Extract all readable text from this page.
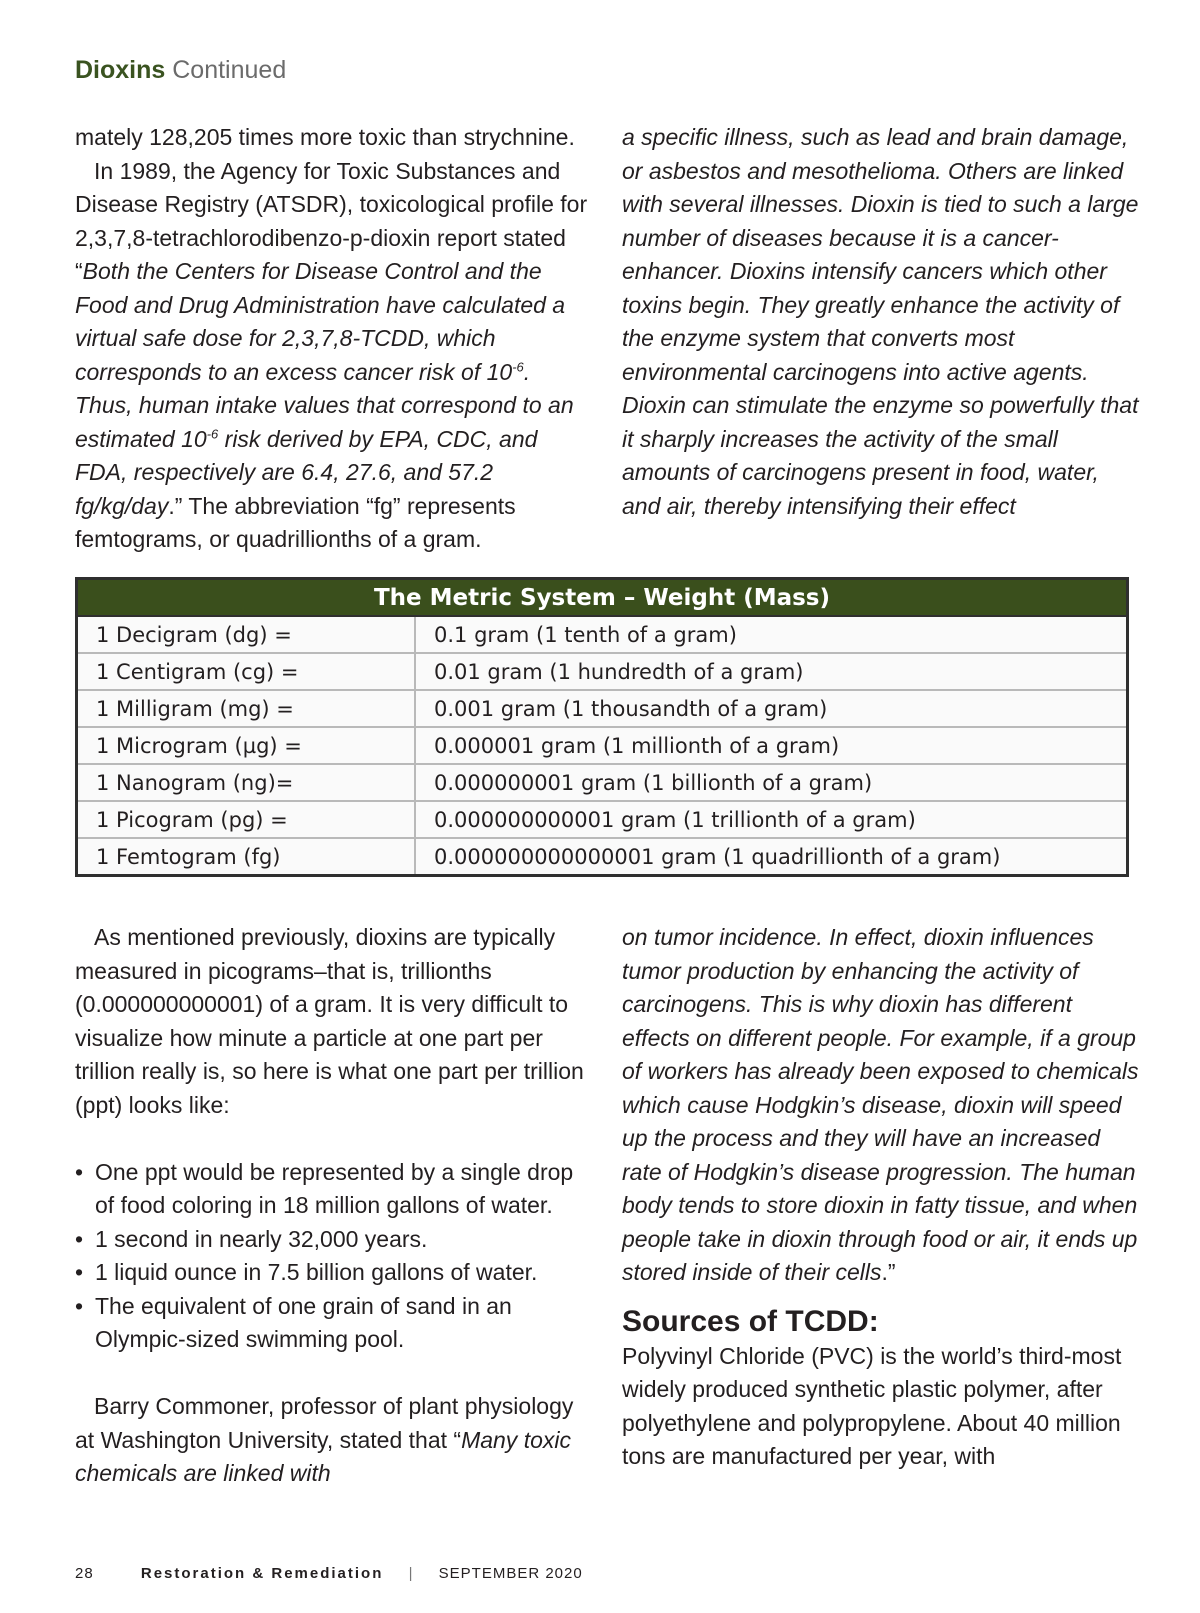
Dioxins Continued

mately 128,205 times more toxic than strychnine.

In 1989, the Agency for Toxic Substances and Disease Registry (ATSDR), toxicological profile for 2,3,7,8-tetrachlorodibenzo-p-dioxin report stated “Both the Centers for Disease Control and the Food and Drug Administration have calculated a virtual safe dose for 2,3,7,8-TCDD, which corresponds to an excess cancer risk of $10^{-6}$. Thus, human intake values that correspond to an estimated $10^{-6}$ risk derived by EPA, CDC, and FDA, respectively are 6.4, 27.6, and 57.2 fg/kg/day.” The abbreviation “fg” represents femtograms, or quadrillionths of a gram.

a specific illness, such as lead and brain damage, or asbestos and mesothelioma. Others are linked with several illnesses. Dioxin is tied to such a large number of diseases because it is a cancer-enhancer. Dioxins intensify cancers which other toxins begin. They greatly enhance the activity of the enzyme system that converts most environmental carcinogens into active agents. Dioxin can stimulate the enzyme so powerfully that it sharply increases the activity of the small amounts of carcinogens present in food, water, and air, thereby intensifying their effect

The Metric System – Weight (Mass)	
1 Decigram (dg) =	0.1 gram (1 tenth of a gram)
1 Centigram (cg) =	0.01 gram (1 hundredth of a gram)
1 Milligram (mg) =	0.001 gram (1 thousandth of a gram)
1 Microgram (µg) =	0.000001 gram (1 millionth of a gram)
1 Nanogram (ng)=	0.000000001 gram (1 billionth of a gram)
1 Picogram (pg) =	0.000000000001 gram (1 trillionth of a gram)
1 Femtogram (fg)	0.000000000000001 gram (1 quadrillionth of a gram)

As mentioned previously, dioxins are typically measured in picograms–that is, trillionths (0.000000000001) of a gram. It is very difficult to visualize how minute a particle at one part per trillion really is, so here is what one part per trillion (ppt) looks like:

• One ppt would be represented by a single drop of food coloring in 18 million gallons of water.
• 1 second in nearly 32,000 years.
• 1 liquid ounce in 7.5 billion gallons of water.
• The equivalent of one grain of sand in an Olympic-sized swimming pool.

Barry Commoner, professor of plant physiology at Washington University, stated that “Many toxic chemicals are linked with

on tumor incidence. In effect, dioxin influences tumor production by enhancing the activity of carcinogens. This is why dioxin has different effects on different people. For example, if a group of workers has already been exposed to chemicals which cause Hodgkin’s disease, dioxin will speed up the process and they will have an increased rate of Hodgkin’s disease progression. The human body tends to store dioxin in fatty tissue, and when people take in dioxin through food or air, it ends up stored inside of their cells.”

Sources of TCDD:

Polyvinyl Chloride (PVC) is the world’s third-most widely produced synthetic plastic polymer, after polyethylene and polypropylene. About 40 million tons are manufactured per year, with

28	Restoration & Remediation | SEPTEMBER 2020
